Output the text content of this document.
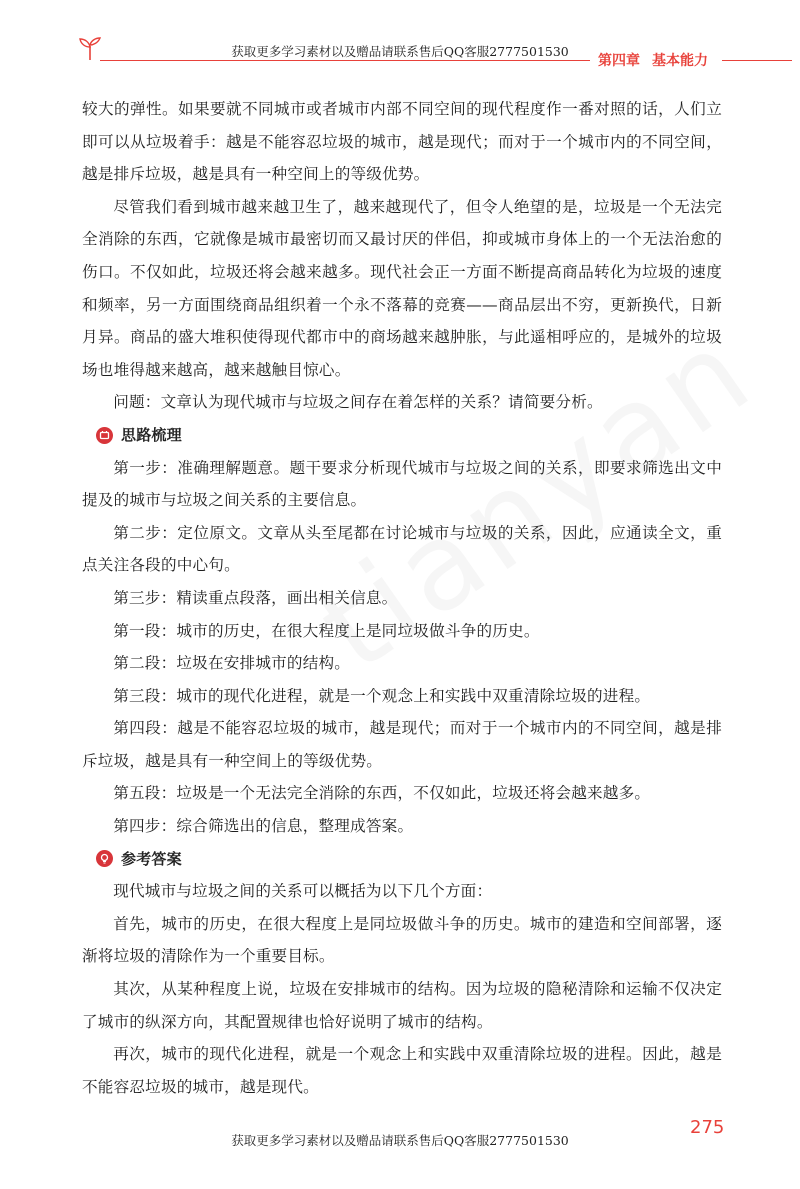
获取更多学习素材以及赠品请联系售后QQ客服2777501530
第四章 基本能力

较大的弹性。如果要就不同城市或者城市内部不同空间的现代程度作一番对照的话，人们立即可以从垃圾着手：越是不能容忍垃圾的城市，越是现代；而对于一个城市内的不同空间，越是排斥垃圾，越是具有一种空间上的等级优势。

尽管我们看到城市越来越卫生了，越来越现代了，但令人绝望的是，垃圾是一个无法完全消除的东西，它就像是城市最密切而又最讨厌的伴侣，抑或城市身体上的一个无法治愈的伤口。不仅如此，垃圾还将会越来越多。现代社会正一方面不断提高商品转化为垃圾的速度和频率，另一方面围绕商品组织着一个永不落幕的竞赛——商品层出不穷，更新换代，日新月异。商品的盛大堆积使得现代都市中的商场越来越肿胀，与此遥相呼应的，是城外的垃圾场也堆得越来越高，越来越触目惊心。

问题：文章认为现代城市与垃圾之间存在着怎样的关系？请简要分析。

思路梳理

第一步：准确理解题意。题干要求分析现代城市与垃圾之间的关系，即要求筛选出文中提及的城市与垃圾之间关系的主要信息。

第二步：定位原文。文章从头至尾都在讨论城市与垃圾的关系，因此，应通读全文，重点关注各段的中心句。

第三步：精读重点段落，画出相关信息。

第一段：城市的历史，在很大程度上是同垃圾做斗争的历史。

第二段：垃圾在安排城市的结构。

第三段：城市的现代化进程，就是一个观念上和实践中双重清除垃圾的进程。

第四段：越是不能容忍垃圾的城市，越是现代；而对于一个城市内的不同空间，越是排斥垃圾，越是具有一种空间上的等级优势。

第五段：垃圾是一个无法完全消除的东西，不仅如此，垃圾还将会越来越多。

第四步：综合筛选出的信息，整理成答案。

参考答案

现代城市与垃圾之间的关系可以概括为以下几个方面：

首先，城市的历史，在很大程度上是同垃圾做斗争的历史。城市的建造和空间部署，逐渐将垃圾的清除作为一个重要目标。

其次，从某种程度上说，垃圾在安排城市的结构。因为垃圾的隐秘清除和运输不仅决定了城市的纵深方向，其配置规律也恰好说明了城市的结构。

再次，城市的现代化进程，就是一个观念上和实践中双重清除垃圾的进程。因此，越是不能容忍垃圾的城市，越是现代。

275
获取更多学习素材以及赠品请联系售后QQ客服2777501530
